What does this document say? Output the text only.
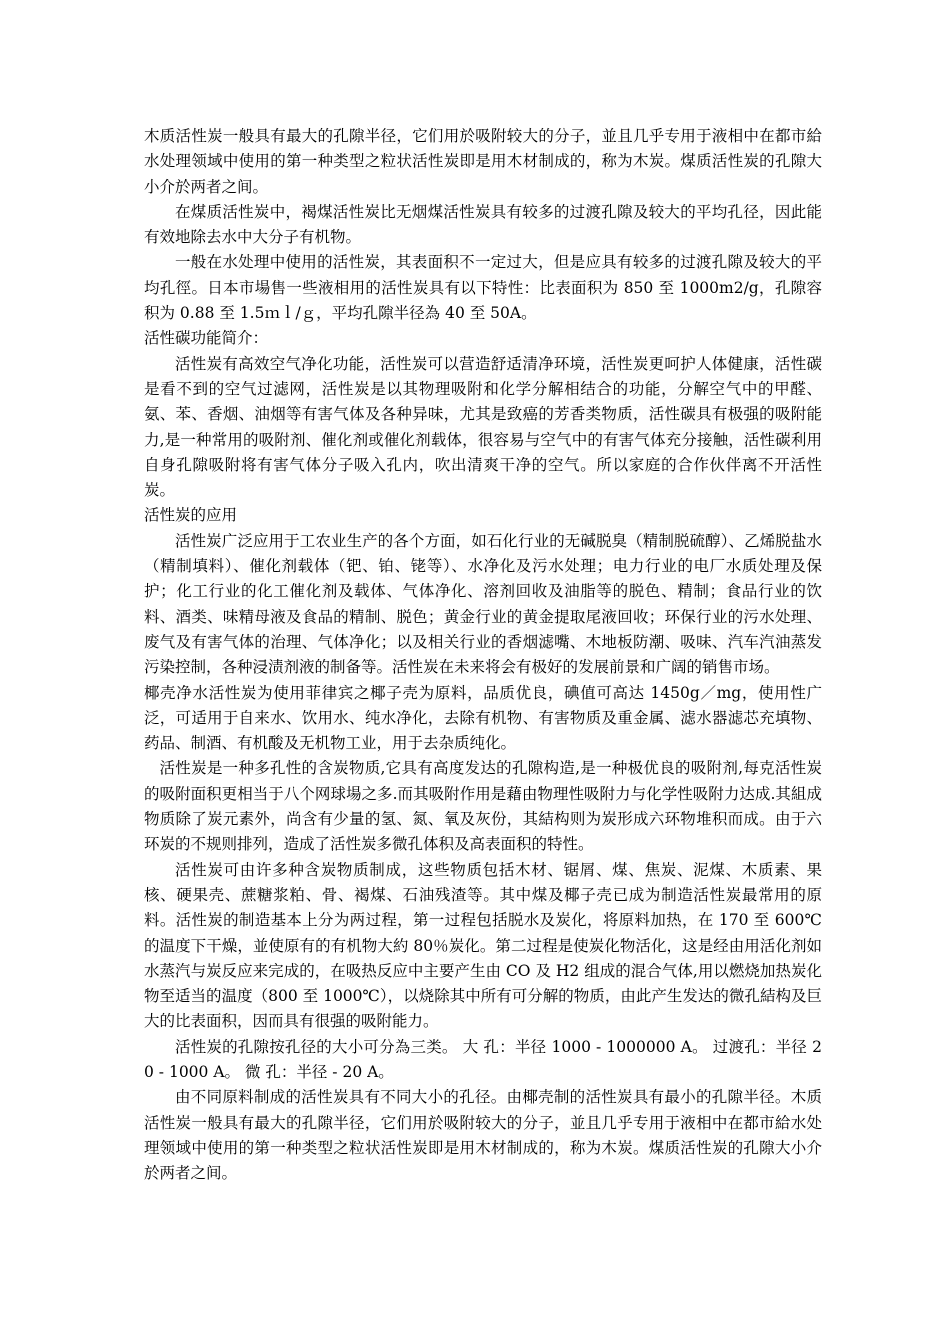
木质活性炭一般具有最大的孔隙半径，它们用於吸附较大的分子，並且几乎专用于液相中在都市給水处理领域中使用的第一种类型之粒状活性炭即是用木材制成的，称为木炭。煤质活性炭的孔隙大小介於两者之间。

在煤质活性炭中，褐煤活性炭比无烟煤活性炭具有较多的过渡孔隙及较大的平均孔径，因此能有效地除去水中大分子有机物。

一般在水处理中使用的活性炭，其表面积不一定过大，但是应具有较多的过渡孔隙及较大的平均孔徑。日本市場售一些液相用的活性炭具有以下特性：比表面积为 850 至 1000m2/g，孔隙容积为 0.88 至 1.5ｍｌ/ｇ，平均孔隙半径為 40 至 50A。

活性碳功能简介：

活性炭有高效空气净化功能，活性炭可以营造舒适清净环境，活性炭更呵护人体健康，活性碳是看不到的空气过滤网，活性炭是以其物理吸附和化学分解相结合的功能，分解空气中的甲醛、氨、苯、香烟、油烟等有害气体及各种异味，尤其是致癌的芳香类物质，活性碳具有极强的吸附能力,是一种常用的吸附剂、催化剂或催化剂载体，很容易与空气中的有害气体充分接触，活性碳利用自身孔隙吸附将有害气体分子吸入孔内，吹出清爽干净的空气。所以家庭的合作伙伴离不开活性炭。

活性炭的应用

活性炭广泛应用于工农业生产的各个方面，如石化行业的无碱脱臭（精制脱硫醇）、乙烯脱盐水（精制填料）、催化剂载体（钯、铂、铑等）、水净化及污水处理；电力行业的电厂水质处理及保护；化工行业的化工催化剂及载体、气体净化、溶剂回收及油脂等的脱色、精制；食品行业的饮料、酒类、味精母液及食品的精制、脱色；黄金行业的黄金提取尾液回收；环保行业的污水处理、废气及有害气体的治理、气体净化；以及相关行业的香烟滤嘴、木地板防潮、吸味、汽车汽油蒸发污染控制，各种浸渍剂液的制备等。活性炭在未来将会有极好的发展前景和广阔的销售市场。

椰壳净水活性炭为使用菲律宾之椰子壳为原料，品质优良，碘值可高达 1450g／mg，使用性广泛，可适用于自来水、饮用水、纯水净化，去除有机物、有害物质及重金属、滤水器滤芯充填物、药品、制酒、有机酸及无机物工业，用于去杂质纯化。

活性炭是一种多孔性的含炭物质,它具有高度发达的孔隙构造,是一种极优良的吸附剂,每克活性炭的吸附面积更相当于八个网球場之多.而其吸附作用是藉由物理性吸附力与化学性吸附力达成.其組成物质除了炭元素外，尚含有少量的氢、氮、氧及灰份，其結构则为炭形成六环物堆积而成。由于六环炭的不规则排列，造成了活性炭多微孔体积及高表面积的特性。

活性炭可由许多种含炭物质制成，这些物质包括木材、锯屑、煤、焦炭、泥煤、木质素、果核、硬果壳、蔗糖浆粕、骨、褐煤、石油残渣等。其中煤及椰子壳已成为制造活性炭最常用的原料。活性炭的制造基本上分为两过程，第一过程包括脱水及炭化，将原料加热，在 170 至 600℃ 的温度下干燥，並使原有的有机物大約 80％炭化。第二过程是使炭化物活化，这是经由用活化剂如水蒸汽与炭反应来完成的，在吸热反应中主要产生由 CO 及 H2 组成的混合气体,用以燃烧加热炭化物至适当的温度（800 至 1000℃），以烧除其中所有可分解的物质，由此产生发达的微孔結构及巨大的比表面积，因而具有很强的吸附能力。

活性炭的孔隙按孔径的大小可分為三类。 大 孔：半径 1000 - 1000000 A。 过渡孔：半径 20 - 1000 A。 微 孔：半径 - 20 A。

由不同原料制成的活性炭具有不同大小的孔径。由椰壳制的活性炭具有最小的孔隙半径。木质活性炭一般具有最大的孔隙半径，它们用於吸附较大的分子，並且几乎专用于液相中在都市給水处理领域中使用的第一种类型之粒状活性炭即是用木材制成的，称为木炭。煤质活性炭的孔隙大小介於两者之间。
